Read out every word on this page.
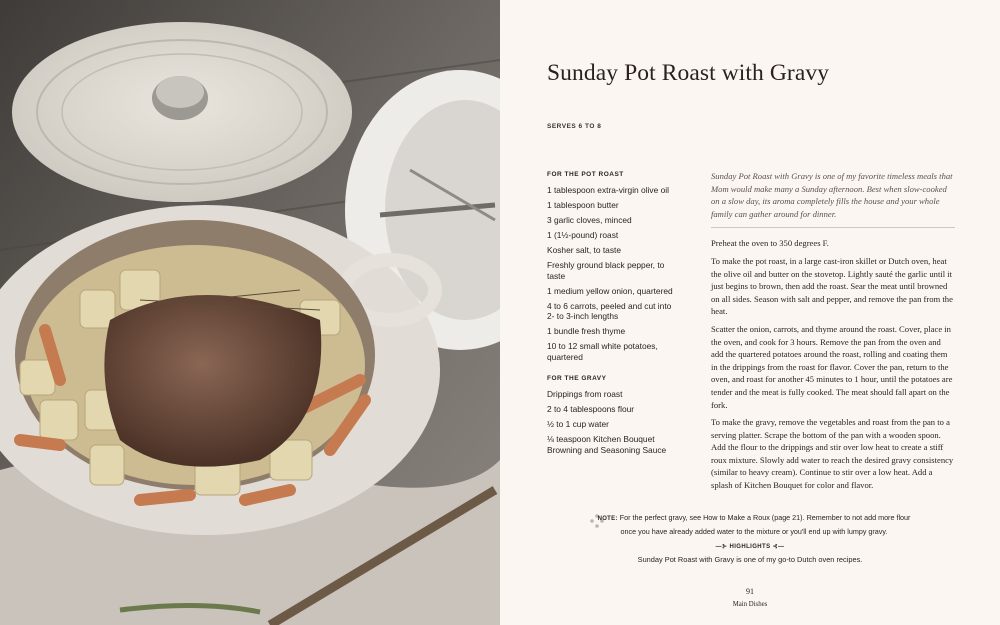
Sunday Pot Roast with Gravy
SERVES 6 TO 8
FOR THE POT ROAST
1 tablespoon extra-virgin olive oil
1 tablespoon butter
3 garlic cloves, minced
1 (1½-pound) roast
Kosher salt, to taste
Freshly ground black pepper, to taste
1 medium yellow onion, quartered
4 to 6 carrots, peeled and cut into 2- to 3-inch lengths
1 bundle fresh thyme
10 to 12 small white potatoes, quartered
FOR THE GRAVY
Drippings from roast
2 to 4 tablespoons flour
½ to 1 cup water
⅛ teaspoon Kitchen Bouquet Browning and Seasoning Sauce
Sunday Pot Roast with Gravy is one of my favorite timeless meals that Mom would make many a Sunday afternoon. Best when slow-cooked on a slow day, its aroma completely fills the house and your whole family can gather around for dinner.

Preheat the oven to 350 degrees F.

To make the pot roast, in a large cast-iron skillet or Dutch oven, heat the olive oil and butter on the stovetop. Lightly sauté the garlic until it just begins to brown, then add the roast. Sear the meat until browned on all sides. Season with salt and pepper, and remove the pan from the heat.

Scatter the onion, carrots, and thyme around the roast. Cover, place in the oven, and cook for 3 hours. Remove the pan from the oven and add the quartered potatoes around the roast, rolling and coating them in the drippings from the roast for flavor. Cover the pan, return to the oven, and roast for another 45 minutes to 1 hour, until the potatoes are tender and the meat is fully cooked. The meat should fall apart on the fork.

To make the gravy, remove the vegetables and roast from the pan to a serving platter. Scrape the bottom of the pan with a wooden spoon. Add the flour to the drippings and stir over low heat to create a stiff roux mixture. Slowly add water to reach the desired gravy consistency (similar to heavy cream). Continue to stir over a low heat. Add a splash of Kitchen Bouquet for color and flavor.

NOTE: For the perfect gravy, see How to Make a Roux (page 21). Remember to not add more flour once you have already added water to the mixture or you'll end up with lumpy gravy.
—⊱ HIGHLIGHTS ⊰—
Sunday Pot Roast with Gravy is one of my go-to Dutch oven recipes.
91
Main Dishes
